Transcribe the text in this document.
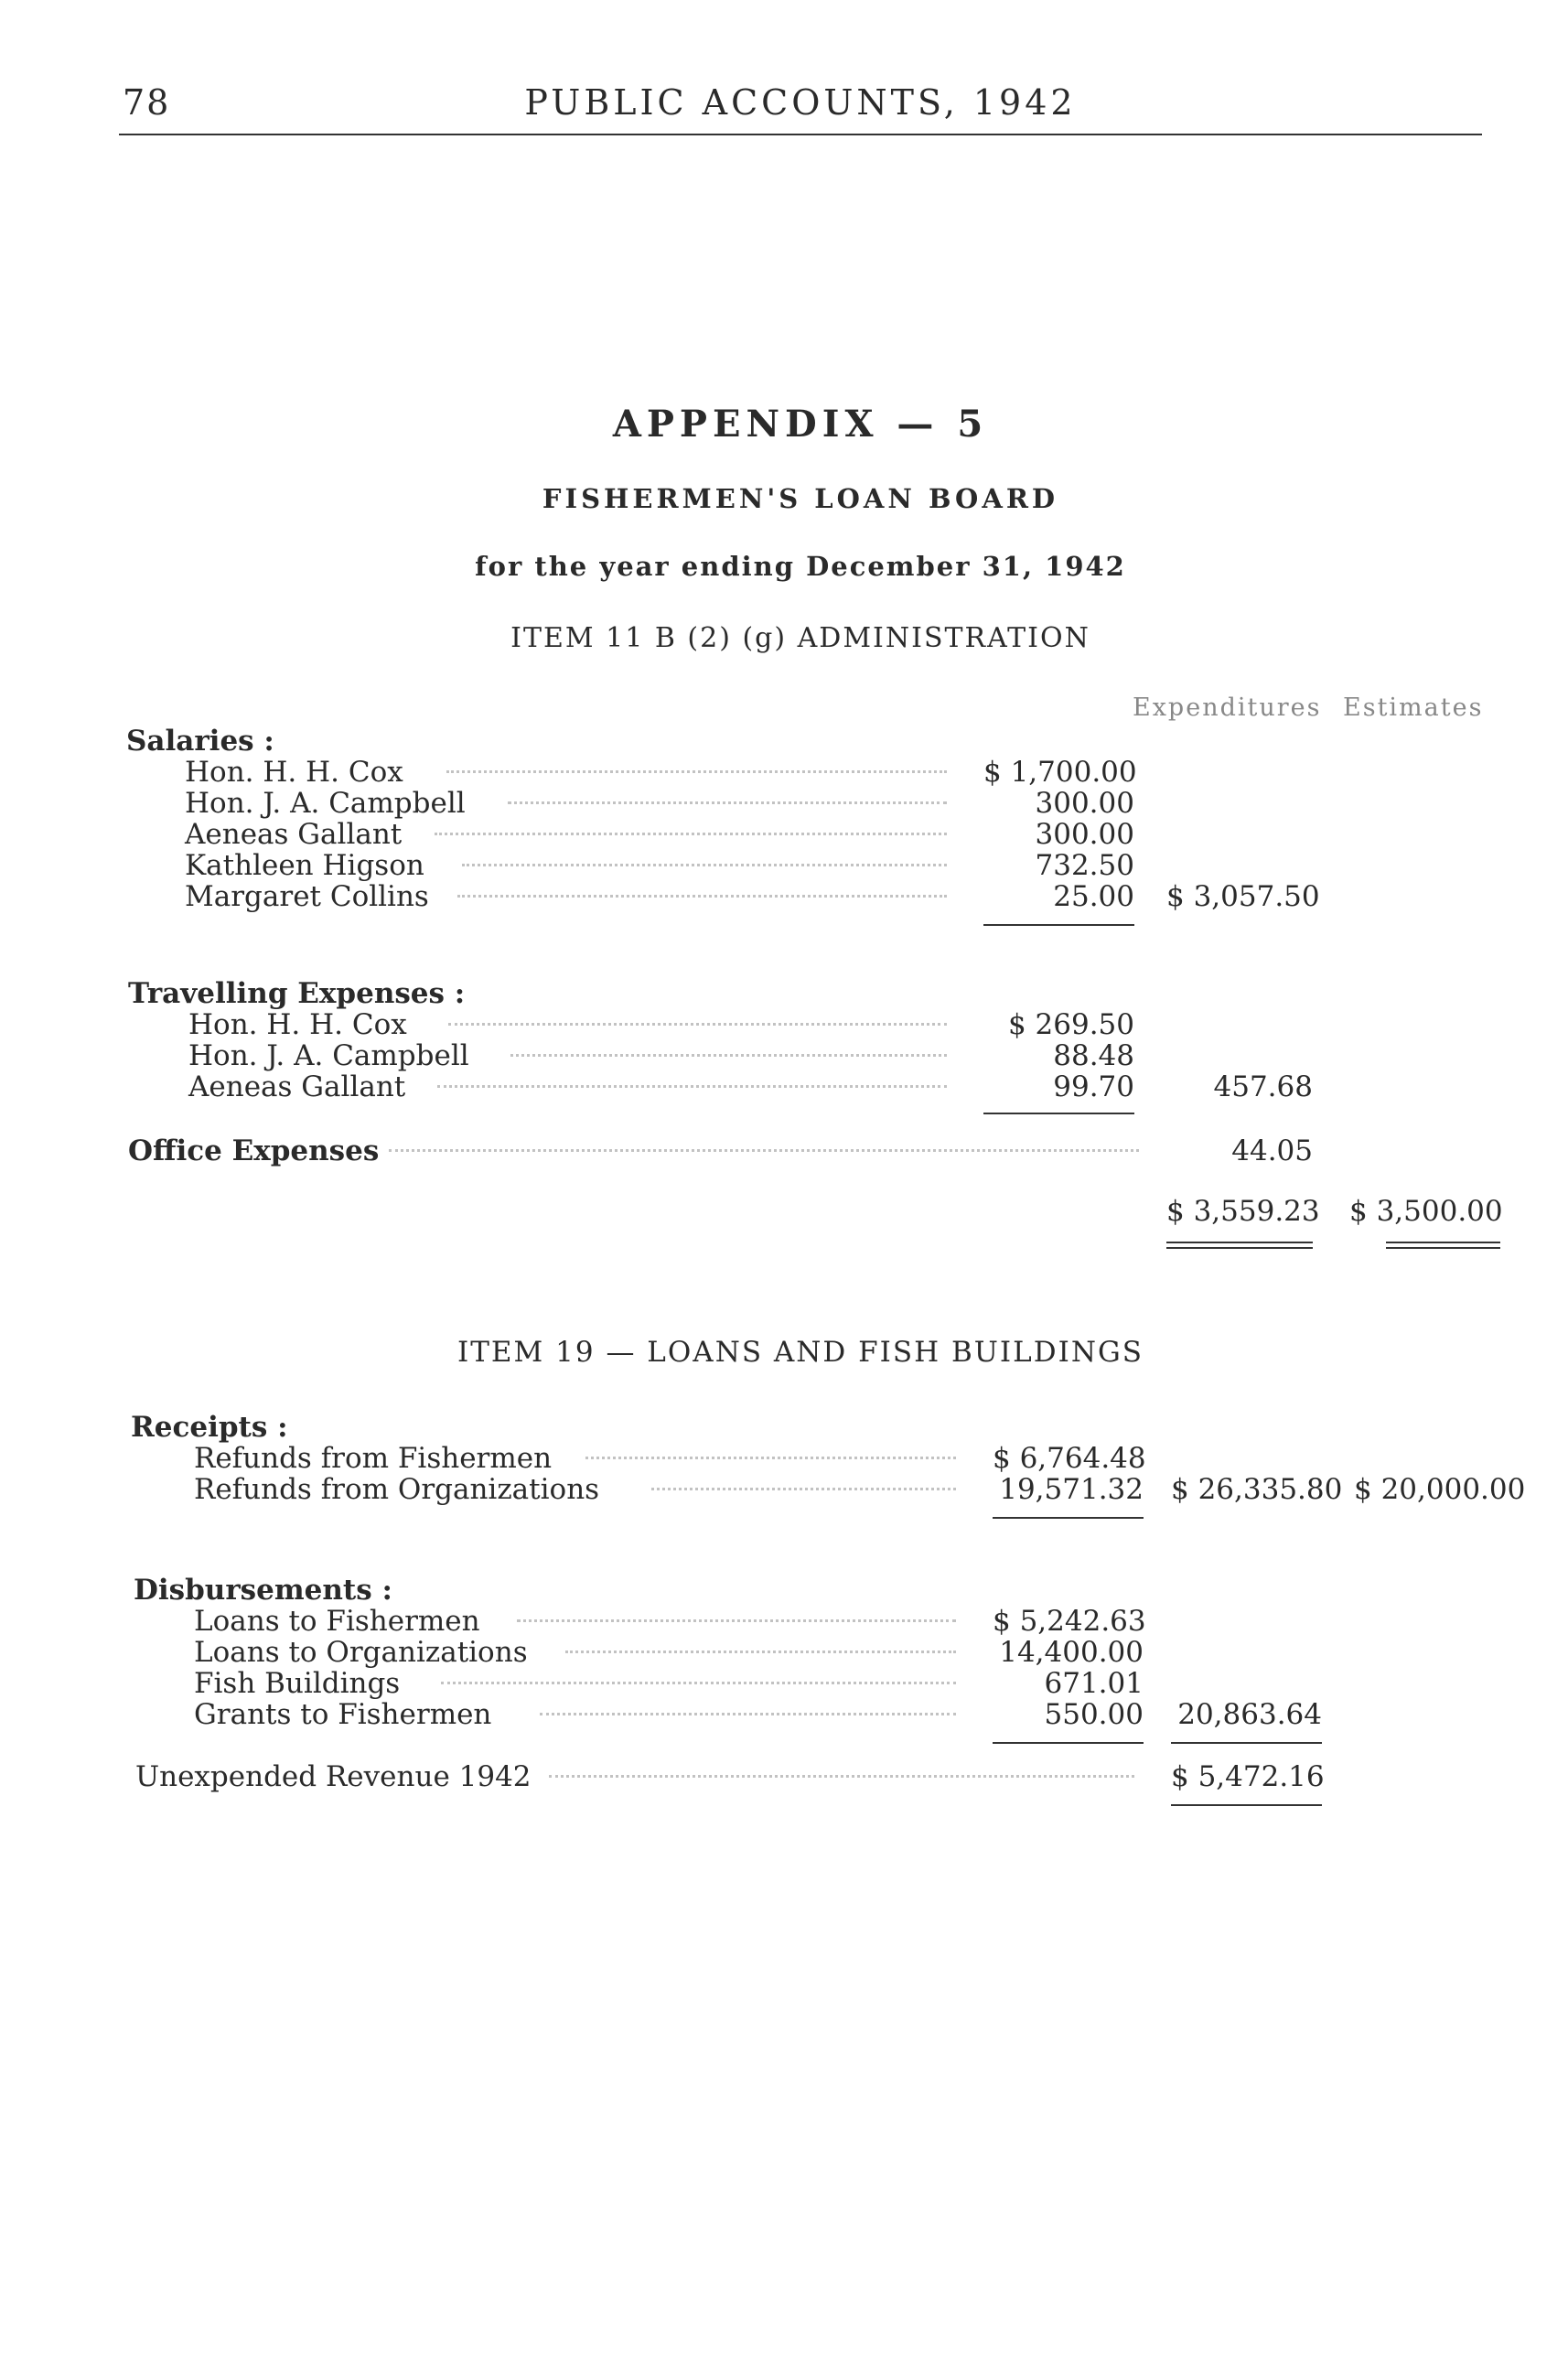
78	PUBLIC ACCOUNTS, 1942
APPENDIX — 5
FISHERMEN'S LOAN BOARD
for the year ending December 31, 1942
ITEM 11 B (2) (g) ADMINISTRATION
Expenditures Estimates
Salaries :
Hon. H. H. Cox	$ 1,700.00
Hon. J. A. Campbell	300.00
Aeneas Gallant	300.00
Kathleen Higson	732.50
Margaret Collins	25.00 $ 3,057.50
Travelling Expenses :
Hon. H. H. Cox	$ 269.50
Hon. J. A. Campbell	88.48
Aeneas Gallant	99.70	457.68
Office Expenses	44.05
$ 3,559.23 $ 3,500.00
ITEM 19 — LOANS AND FISH BUILDINGS
Receipts :
Refunds from Fishermen	$ 6,764.48
Refunds from Organizations	19,571.32 $ 26,335.80 $ 20,000.00
Disbursements :
Loans to Fishermen	$ 5,242.63
Loans to Organizations	14,400.00
Fish Buildings	671.01
Grants to Fishermen	550.00 20,863.64
Unexpended Revenue 1942	$ 5,472.16
